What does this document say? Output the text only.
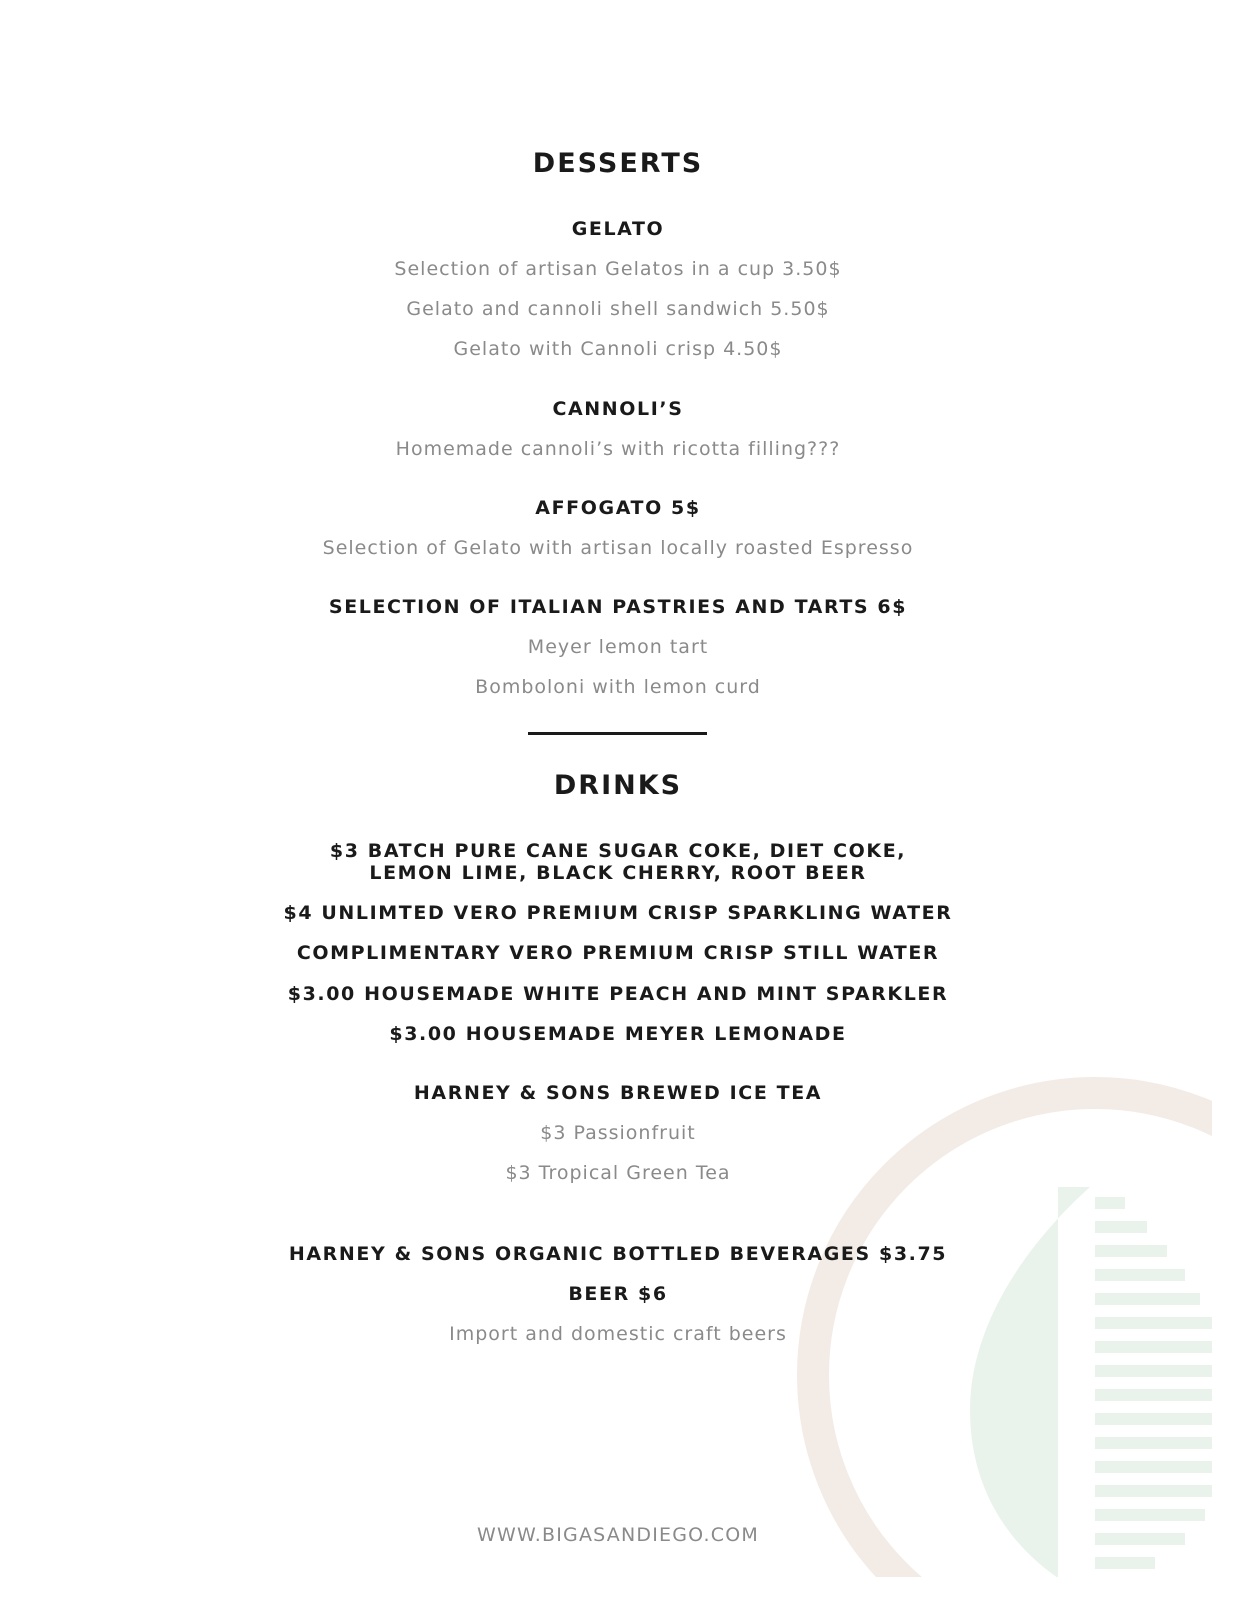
DESSERTS
GELATO
Selection of artisan Gelatos in a cup 3.50$
Gelato and cannoli shell sandwich 5.50$
Gelato with Cannoli crisp 4.50$
CANNOLI’S
Homemade cannoli’s with ricotta filling???
AFFOGATO 5$
Selection of Gelato with artisan locally roasted Espresso
SELECTION OF ITALIAN PASTRIES AND TARTS 6$
Meyer lemon tart
Bomboloni with lemon curd
DRINKS
$3 BATCH PURE CANE SUGAR COKE, DIET COKE,
LEMON LIME, BLACK CHERRY, ROOT BEER
$4 UNLIMTED VERO PREMIUM CRISP SPARKLING WATER
COMPLIMENTARY VERO PREMIUM CRISP STILL WATER
$3.00 HOUSEMADE WHITE PEACH AND MINT SPARKLER
$3.00 HOUSEMADE MEYER LEMONADE
HARNEY & SONS BREWED ICE TEA
$3 Passionfruit
$3 Tropical Green Tea
HARNEY & SONS ORGANIC BOTTLED BEVERAGES $3.75
BEER $6
Import and domestic craft beers
WWW.BIGASANDIEGO.COM
